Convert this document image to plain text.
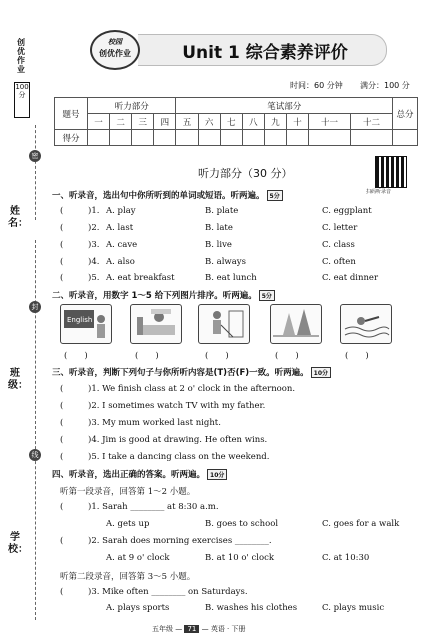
创优作业
100分
密
姓名：
封
班级：
线
学校：
校园
创优作业	Unit 1 综合素养评价
时间：60 分钟 满分：100 分
题号	听力部分				笔试部分								总分
	一	二	三	四	五	六	七	八	九	十	十一	十二	
得分													
听力部分（30 分）
扫码听录音
一、听录音，选出句中你所听到的单词或短语。听两遍。 5分
(	)1. A. play	B. plate	C. eggplant
(	)2. A. last	B. late	C. letter
(	)3. A. cave	B. live	C. class
(	)4. A. also	B. always	C. often
(	)5. A. eat breakfast	B. eat lunch	C. eat dinner
二、听录音，用数字 1～5 给下列图片排序。听两遍。 5分
English
(　　)	(　　)	(　　)	(　　)	(　　)
三、听录音，判断下列句子与你所听内容是(T)否(F)一致。听两遍。 10分
(	)1. We finish class at 2 o' clock in the afternoon.
(	)2. I sometimes watch TV with my father.
(	)3. My mum worked last night.
(	)4. Jim is good at drawing. He often wins.
(	)5. I take a dancing class on the weekend.
四、听录音，选出正确的答案。听两遍。 10分
听第一段录音，回答第 1～2 小题。
(	)1. Sarah ________ at 8:30 a.m.
A. gets up	B. goes to school	C. goes for a walk
(	)2. Sarah does morning exercises ________.
A. at 9 o' clock	B. at 10 o' clock	C. at 10:30
听第二段录音，回答第 3～5 小题。
(	)3. Mike often ________ on Saturdays.
A. plays sports	B. washes his clothes	C. plays music
五年级 — 71 — 英语 · 下册
